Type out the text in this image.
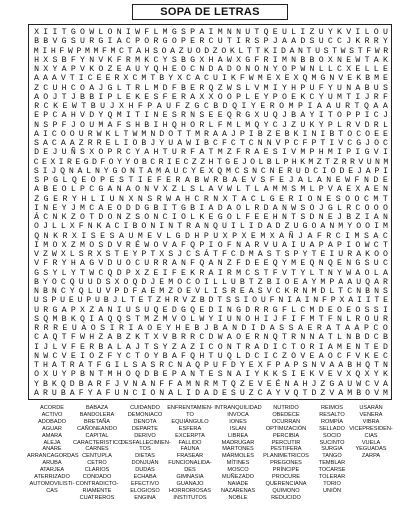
SOPA DE LETRAS
X I I T G O W L O N I W F L M G S P A I M N N U T Q E U L I Z U Y K V I L O U
B B V G S U R G I A C P O R G O P E R C U T I R S P J A A D S U C C J K R R Y
M I H F W P M M F M C T A H S O A Z U O D Z O K L T T K I D A N T U S T W S T F W R
H X S B F Y N V K F R M K C Y S B G X H A W X G F R I M N B B O X N E W T A K
N X Y A P V K O Z E A U Y Q H E O C N D A D O N O N Y O P W N L L C X E L L E
A A A V T I C E E R X C M T B Y X C A C U I K F W M E X E X Q M G N V E K B M E
Z C U H C O A J G L T R L M D F B E R Q Z W S L V M I Y H P U F Y U N A B U S
A O J T J B B I P L E K E S F E R A X X O O P L E Y P O E K C Y U M T I J R F
R C K E W T B U J X H F P A U F Z G C B D Q I Y E R O M P I A A U R T Q A A
E P C A H V D Y Q M I T I N E S R N S E E Q R G X U Q J B A Y I T O P P I C J
N S P F J O U M A F S H B I H Q H O R L F M L M Q Y C J Z U K Y P L R V D R L
A I C O O U R W K L T W M N D O T T M R A A J P I B Z E B K I N I B T O C O E E
S A C A A Z R R E L I O B J Y U A W I B C F C T C N N V P C F P T I V C G J O C
D E J U Ñ S X O P R C Y A H T U R F A T M Z F R A E S I V M P H M I P I G V I
C E X I R E G D F O Y Y O B C R I E C Z Z H T G E J O L B L P H K M Z T Z R R V U N M
S I J Q N A L N Y G O N T A M A U C Y E X Q M C S N C N E R U D C I O D E J A P I
S P G L Q E O P E S T I E F E R A B W R B A E V S F E J A L A N E W F N D E
A B E O L P C G A N A O N V X Z L S L A V W L T L A M M S M L P V A E X A E N
Z G E R Y H L I U N X N S R W A H C R N X T A C L G E R I O N E S O O C M T
I N E Y J M C A E O D D G B I T G B I A D A O L R D A N W S O J G L R C O O O
Á C N K Z O T D O N Z S O N C I O L K E G O L F E E H N T S D N E J B Z I A N
O J L L X F N K A C I B O N I N T R A N Q U I L I D A D Z U G O A N M Y O O I M
Q N K R X I S E S A U M E V L G D H P U X P X E M X A Ñ J A F R C I M S A C
I M O X Z M O S D V R É W O V A F Q P I O F N A R V U A I U A P A P I O W C T
V Z W X L S R X S T E Y P T X S J C S Á T F C D M A S T S P Y T E I U R A K O O
V F R Y H A G V D U O C U R R A N F Q A N Z F D E E Q Y M E Q N Q E N G S U C
G S Y L Y T W C Q D P X Z E I F E K R A I R M C S T F V T Y L T N Y W A O L A
B Y O C Q U U D S X O Q D J E M O C O I L L U B T Z B I O E A Y M P A A U Q A R
N B N C Y Q L U V P D F A E M Z O E V L I S R E A S V C K R N M D L T C N B N S
U S P U E U P U B J L T E T Z H R V Z B D T S S I O U F N I A I N F P X A I I T E
U R G A P X Z A N I U S U Q E D G Q E D I N G D R R G F L C M D E O E O S S I
S Q M B K Q I A Q Q S T M Z M V O L W Y I U N O H I J F I F M T F N L R O U R
R R R E U A O S I R I A O E Y H E B J B A N D I D A S S A E R A T A A P C O
C A Q T F W H Z A B Z K T X V B R R C D W A O E R N Q T R N N A T L N B D C B
I J L V F E R B A L A J T S Y Z A Z I C O N T R A D I C T O R I A M E N T E D
N W C V E I O Z F Y C T O Y B A F Q H T U Q L D C I C Z O V E A O C F V K E C
T H A T R A T F G I L S A S R C N A Q P U F D Y E X F P A P S N V A A B H Q T N
O X U Y P B N T M H O Q D B E P A N T E S N A I Y K K S I E K V E V X Q X Y K
Y B K Q D B A R F J V N A N F F A M N R M T Q Z E V E É N A H J Z G A U W C V A
A R U B A F Y A F U N C I O N A L I D A D E S U Z C A Y V Q T D Z V A M B O V M
ACORDE
ACTIVO
ADOBADO
AGUAR
AMARA
ALEJA
ANARE
ARRANCAGORDAS
ARUBA
ATARJEA
ATERRIZADO
AUTOMOVILISTI-
CAS
BABAZA
BANDOLERA
BRETAÑA
CAÑONEANDO
CAPITAL
CARACTERISTICO
CARNES
CENTUPLA
CETRO
CLARIOS
CONDADO
CONTRADICTO-
RIAMENTE
CUATREROS
CUIDANDO
DEMONIACO
DENOTA
DEPARTE
DERIVO
DESFALLECIMIEN-
TOS
DIETAS
DONJUÁN
DUDAS
ECHABA
EFECTIVO
ELOGIOSO
ENGINA
ENFRENTAMIEN-
TO
EQUIÁNGULO
ESFERA
EXCERPTA
FALLIDO
FAUNA
FRASEAR
FUNCIONALIDA-
DES
GIMNASIA
GUANAJO
HORRORIOSAS
INSTITUTOS
INTRANQUILIDAD
INVOCA
IONES
ISLAN
LIBREA
MADRUGAR
MARTONES
MÁRMOLES
MÍTINES
MOSCO
MUÑEZADO
NAIADE
NAZARENAS
NOBLE
NUTRIDO
OBEDECE
OCURRAN
OPTIMIZACIÓN
PERCIBIA
PERCUTIR
PESTIFERA
PLANIMETRICOS
PREGONES
PRÍNCIPE
PROCURE
QUERENCIANA
QUIMONO
REDUCIDO
REIMOS
RESALTO
ROMPÍA
SELLADO
SOCIO
SUCINTO
SURGIA
TANGO
TEMBLAR
TOCARSE
TOLERAR
TORIO
UNIÓN
USARÁN
VENERA
VIBRA
VICEPRESIDEN-
CIAS
VUELA
YEGUADAS
ZARPA
